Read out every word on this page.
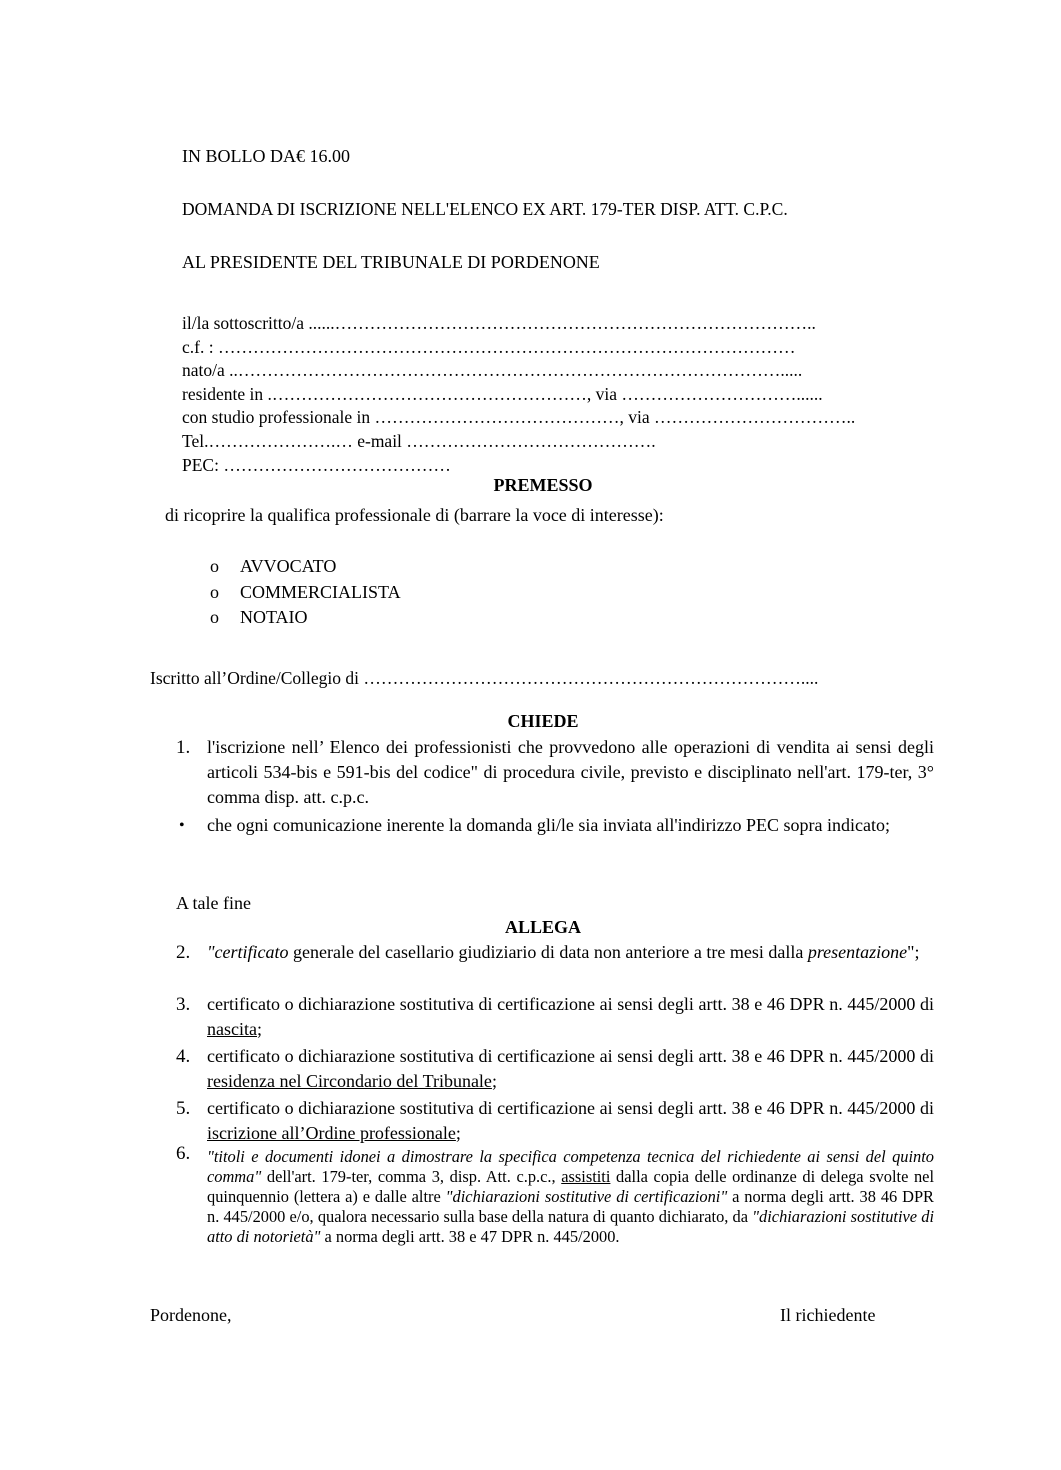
IN BOLLO DA€ 16.00
DOMANDA DI ISCRIZIONE NELL'ELENCO EX ART. 179-TER DISP. ATT. C.P.C.
AL PRESIDENTE DEL TRIBUNALE DI PORDENONE
il/la sottoscritto/a ......………………………………………………………………………..
c.f. : ………………………………………………………………………………………
nato/a ..………………………………………………………………………………….....
residente in .………………………………………………, via …………………………......
con studio professionale in ……………………………………, via ……………………………..
Tel.………………….… e-mail …………………………………….
PEC: …………………………………
PREMESSO
di ricoprire la qualifica professionale di (barrare la voce di interesse):
o AVVOCATO
o COMMERCIALISTA
o NOTAIO
Iscritto all’Ordine/Collegio di …………………………………………………………………....
CHIEDE
1. l'iscrizione nell’ Elenco dei professionisti che provvedono alle operazioni di vendita ai sensi degli articoli 534-bis e 591-bis del codice" di procedura civile, previsto e disciplinato nell'art. 179-ter, 3° comma disp. att. c.p.c.
• che ogni comunicazione inerente la domanda gli/le sia inviata all'indirizzo PEC sopra indicato;
A tale fine
ALLEGA
2. "certificato generale del casellario giudiziario di data non anteriore a tre mesi dalla presentazione";
3. certificato o dichiarazione sostitutiva di certificazione ai sensi degli artt. 38 e 46 DPR n. 445/2000 di nascita;
4. certificato o dichiarazione sostitutiva di certificazione ai sensi degli artt. 38 e 46 DPR n. 445/2000 di residenza nel Circondario del Tribunale;
5. certificato o dichiarazione sostitutiva di certificazione ai sensi degli artt. 38 e 46 DPR n. 445/2000 di iscrizione all’Ordine professionale;
6. "titoli e documenti idonei a dimostrare la specifica competenza tecnica del richiedente ai sensi del quinto comma" dell'art. 179-ter, comma 3, disp. Att. c.p.c., assistiti dalla copia delle ordinanze di delega svolte nel quinquennio (lettera a) e dalle altre "dichiarazioni sostitutive di certificazioni" a norma degli artt. 38 46 DPR n. 445/2000 e/o, qualora necessario sulla base della natura di quanto dichiarato, da "dichiarazioni sostitutive di atto di notorietà" a norma degli artt. 38 e 47 DPR n. 445/2000.
Pordenone,	Il richiedente
